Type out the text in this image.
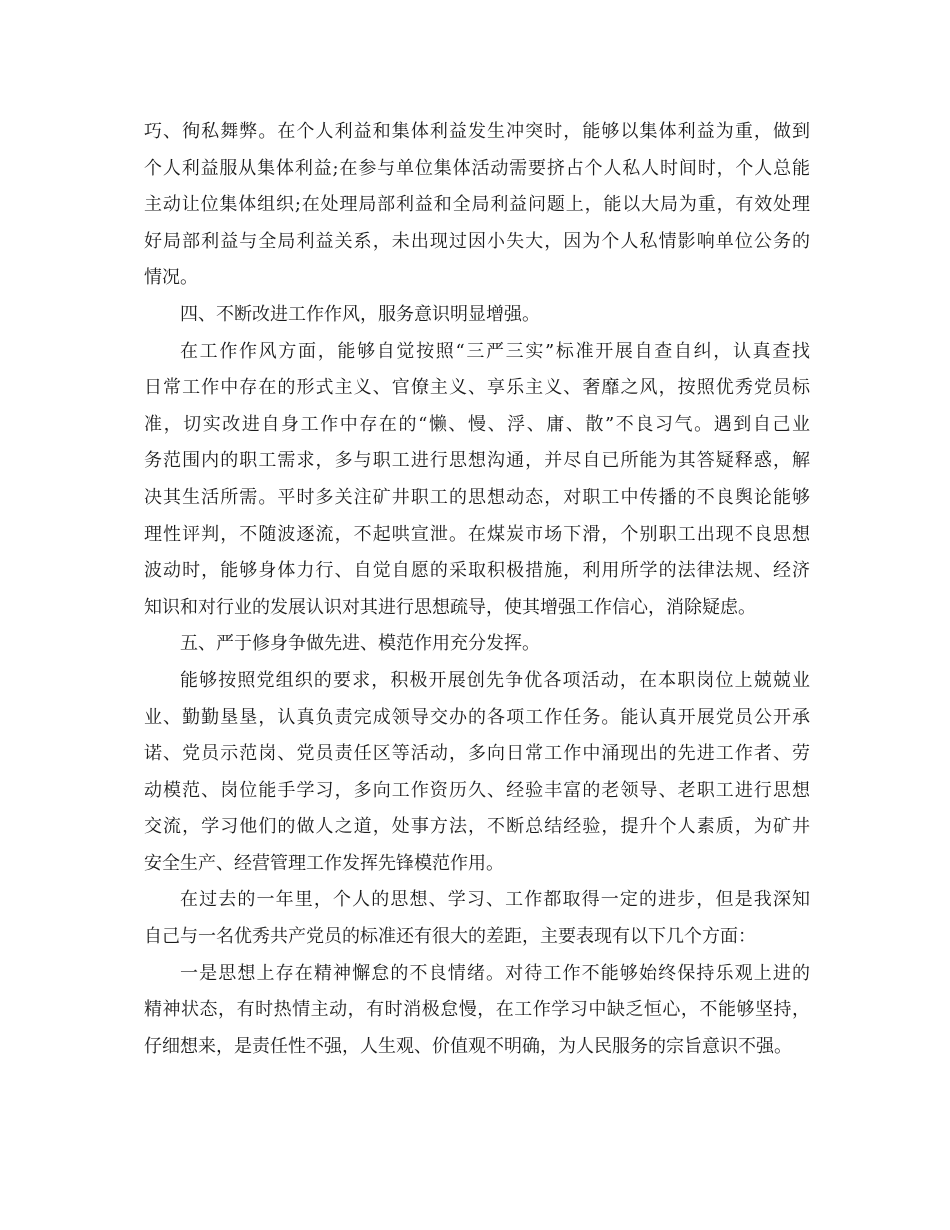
巧、徇私舞弊。在个人利益和集体利益发生冲突时，能够以集体利益为重，做到
个人利益服从集体利益;在参与单位集体活动需要挤占个人私人时间时，个人总能
主动让位集体组织;在处理局部利益和全局利益问题上，能以大局为重，有效处理
好局部利益与全局利益关系，未出现过因小失大，因为个人私情影响单位公务的
情况。
四、不断改进工作作风，服务意识明显增强。
在工作作风方面，能够自觉按照“三严三实”标准开展自查自纠，认真查找
日常工作中存在的形式主义、官僚主义、享乐主义、奢靡之风，按照优秀党员标
准，切实改进自身工作中存在的“懒、慢、浮、庸、散”不良习气。遇到自己业
务范围内的职工需求，多与职工进行思想沟通，并尽自已所能为其答疑释惑，解
决其生活所需。平时多关注矿井职工的思想动态，对职工中传播的不良舆论能够
理性评判，不随波逐流，不起哄宣泄。在煤炭市场下滑，个别职工出现不良思想
波动时，能够身体力行、自觉自愿的采取积极措施，利用所学的法律法规、经济
知识和对行业的发展认识对其进行思想疏导，使其增强工作信心，消除疑虑。
五、严于修身争做先进、模范作用充分发挥。
能够按照党组织的要求，积极开展创先争优各项活动，在本职岗位上兢兢业
业、勤勤垦垦，认真负责完成领导交办的各项工作任务。能认真开展党员公开承
诺、党员示范岗、党员责任区等活动，多向日常工作中涌现出的先进工作者、劳
动模范、岗位能手学习，多向工作资历久、经验丰富的老领导、老职工进行思想
交流，学习他们的做人之道，处事方法，不断总结经验，提升个人素质，为矿井
安全生产、经营管理工作发挥先锋模范作用。
在过去的一年里，个人的思想、学习、工作都取得一定的进步，但是我深知
自己与一名优秀共产党员的标准还有很大的差距，主要表现有以下几个方面：
一是思想上存在精神懈怠的不良情绪。对待工作不能够始终保持乐观上进的
精神状态，有时热情主动，有时消极怠慢，在工作学习中缺乏恒心，不能够坚持，
仔细想来，是责任性不强，人生观、价值观不明确，为人民服务的宗旨意识不强。
